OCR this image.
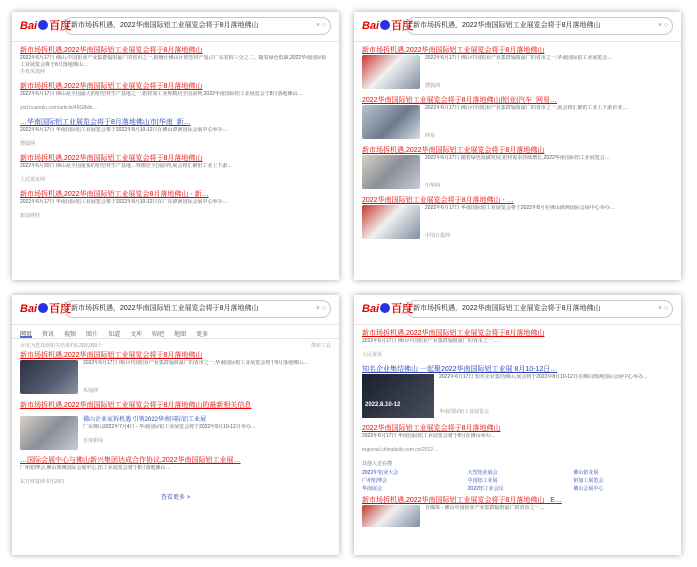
Bai 百度 新市场拆机遇，2022华南国际铝工业展览会将于8月落地佛山	× ○
新市场拆机遇,2022华南国际铝工业展览会将于8月落地佛山
2022年6月17日 佛山,中国铝业产业集群辐射最广的省市之一,据统计佛山区铝型材产量占广东省的三分之二。随着绿色低碳,2022华南国际铝工业展览会将于8月落地佛山…
手机凤凰网
新市场拆机遇,2022华南国际铝工业展览会将于8月落地佛山
2022年6月17日 佛山是全国最大的铝型材生产基地之一,铝材加工业规模居全国前列,2022华南国际铝工业展览会于8月落地佛山…
yxd.huanqiu.com/article/48GBdb…
…华南国际铝工业展览会将于8月落地佛山市|华南_新…
2022年6月17日 华南国际铝工业展览会将于2022年8月10-12日在佛山潭洲国际会展中心举办…
搜狐网
新市场拆机遇,2022华南国际铝工业展览会将于8月落地佛山
2022年6月20日 佛山是全国重要的铝型材生产基地…规模居全国前列,展会将汇聚铝工业上下游…
人民资讯网
新市场拆机遇,2022华南国际铝工业展览会8月落地佛山 - 新…
2022年6月17日 华南国际铝工业展览会将于2022年8月10-12日在广东潭洲国际会展中心举办…
新浪财经
Bai 百度 新市场拆机遇，2022华南国际铝工业展览会将于8月落地佛山	× ○
新市场拆机遇,2022华南国际铝工业展览会将于8月落地佛山
2022年6月17日 佛山中国铝业产业集群辐射最广的省市之一,华南国际铝工业展览会…
搜狐网
2022华南国际铝工业展览会将于8月落地佛山|铝业|汽车_网易…
2022年6月17日 佛山中国铝业产业集群辐射最广的省市之一,展会将汇聚铝工业上下游企业…
网易
新市场拆机遇,2022华南国际铝工业展览会将于8月落地佛山
2022年6月17日 随着绿色低碳发展,铝材需求持续增长,2022华南国际铝工业展览会…
中华网
2022华南国际铝工业展览会将于8月落地佛山 - …
2022年6月17日 华南国际铝工业展览会将于2022年8月在佛山潭洲国际会展中心举办…
中国日报网
Bai 百度 新市场拆机遇，2022华南国际铝工业展览会将于8月落地佛山	× ○
网页 资讯 视频 图片 知道 文库 贴吧 地图 更多
百度为您找到相关结果约6,250,000个	搜索工具
新市场拆机遇,2022华南国际铝工业展览会将于8月落地佛山
2022年6月17日 佛山中国铝业产业集群辐射最广的省市之一,华南国际铝工业展览会将于8月落地佛山…
凤凰网
新市场拆机遇,2022华南国际铝工业展览会将于8月落地佛山的最新相关信息
佛山企业家拆机遇 引领2022华南国际铝工业展
广东佛山2022年7月4日 - 华南国际铝工业展览会将于2022年8月10-12日举办…
百度新闻
…国际会展中心与佛山新兴集团达成合作协议,2022华南国际铝工业展…
广州铝博会,佛山潭洲国际会展中心,铝工业展览会将于8月落地佛山…
东方财富网 6月20日
查看更多 >
Bai 百度 新市场拆机遇，2022华南国际铝工业展览会将于8月落地佛山	× ○
新市场拆机遇,2022华南国际铝工业展览会将于8月落地佛山
2022年6月17日 佛山中国铝业产业集群辐射最广的省市之一…
人民资讯
知名企业集结佛山 一起聚2022华南国际铝工业展 8月10-12日…
2022.8.10-12
2022年6月17日 知名企业集结佛山,展会将于2022年8月10-12日在佛山潭洲国际会展中心举办…
华南国际铝工业展览会
2022华南国际铝工业展览会将于8月落地佛山
2022年6月17日 华南国际铝工业展览会将于8月在佛山举办…
regional.chinadaily.com.cn/2022…
其他人还在搜
2022年铝业大会	大型铝业展会	佛山铝业展
广州铝博会	中国铝工业展	铝加工展览会
华南展会	2022铝工业会议	佛山会展中心
新市场拆机遇,2022华南国际铝工业展览会将于8月落地佛山 _E…
自媒体 - 佛山中国铝业产业集群辐射最广的省市之一…
